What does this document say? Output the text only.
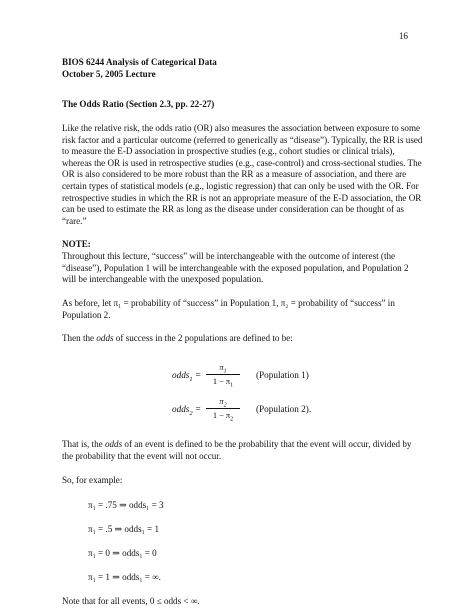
16
BIOS 6244 Analysis of Categorical Data
October 5, 2005 Lecture
The Odds Ratio (Section 2.3, pp. 22-27)
Like the relative risk, the odds ratio (OR) also measures the association between exposure to some risk factor and a particular outcome (referred to generically as “disease”). Typically, the RR is used to measure the E-D association in prospective studies (e.g., cohort studies or clinical trials), whereas the OR is used in retrospective studies (e.g., case-control) and cross-sectional studies. The OR is also considered to be more robust than the RR as a measure of association, and there are certain types of statistical models (e.g., logistic regression) that can only be used with the OR. For retrospective studies in which the RR is not an appropriate measure of the E-D association, the OR can be used to estimate the RR as long as the disease under consideration can be thought of as “rare.”
NOTE:
Throughout this lecture, “success” will be interchangeable with the outcome of interest (the “disease”), Population 1 will be interchangeable with the exposed population, and Population 2 will be interchangeable with the unexposed population.
As before, let π₁ = probability of “success” in Population 1, π₂ = probability of “success” in Population 2.
Then the odds of success in the 2 populations are defined to be:
odds$_1$ =
$\pi_1$
$1 - \pi_1$
(Population 1)
odds$_2$ =
$\pi_2$
$1 - \pi_2$
(Population 2).
That is, the odds of an event is defined to be the probability that the event will occur, divided by the probability that the event will not occur.
So, for example:
π₁ = .75 ⇒ odds₁ = 3
π₁ = .5 ⇒ odds₁ = 1
π₁ = 0 ⇒ odds₁ = 0
π₁ = 1 ⇒ odds₁ = ∞.
Note that for all events, 0 ≤ odds < ∞.
